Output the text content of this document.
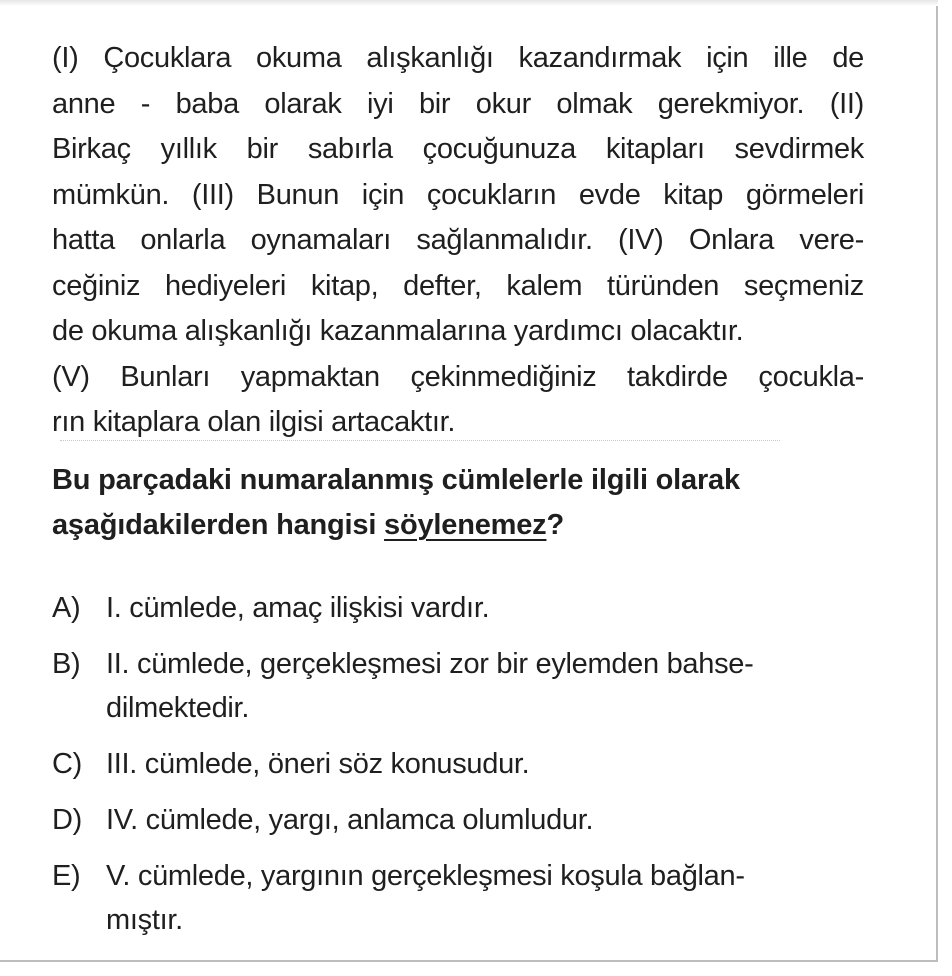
(I) Çocuklara okuma alışkanlığı kazandırmak için ille de
anne - baba olarak iyi bir okur olmak gerekmiyor. (II)
Birkaç yıllık bir sabırla çocuğunuza kitapları sevdirmek
mümkün. (III) Bunun için çocukların evde kitap görmeleri
hatta onlarla oynamaları sağlanmalıdır. (IV) Onlara vere-
ceğiniz hediyeleri kitap, defter, kalem türünden seçmeniz
de okuma alışkanlığı kazanmalarına yardımcı olacaktır.
(V) Bunları yapmaktan çekinmediğiniz takdirde çocukla-
rın kitaplara olan ilgisi artacaktır.
Bu parçadaki numaralanmış cümlelerle ilgili olarak
aşağıdakilerden hangisi söylenemez?
A) I. cümlede, amaç ilişkisi vardır.
B) II. cümlede, gerçekleşmesi zor bir eylemden bahse-
dilmektedir.
C) III. cümlede, öneri söz konusudur.
D) IV. cümlede, yargı, anlamca olumludur.
E) V. cümlede, yargının gerçekleşmesi koşula bağlan-
mıştır.
